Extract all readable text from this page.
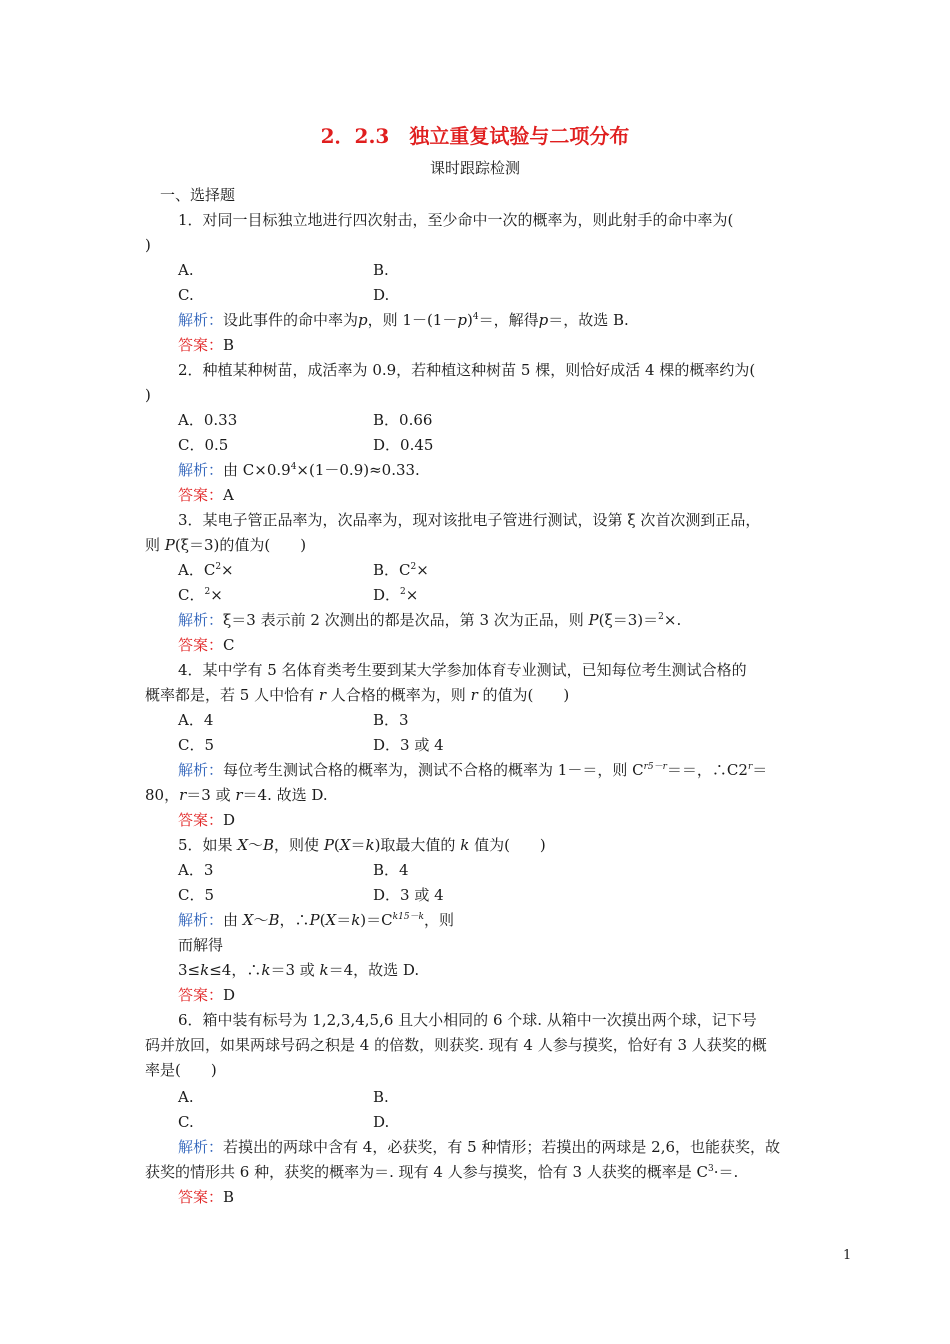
2．2.3　独立重复试验与二项分布
课时跟踪检测
一、选择题
1．对同一目标独立地进行四次射击，至少命中一次的概率为，则此射手的命中率为(
)
A.	B.
C.	D.
解析：设此事件的命中率为p，则 $1-(1-p)^4=$，解得p＝，故选 B.
答案：B
2．种植某种树苗，成活率为 0.9，若种植这种树苗 5 棵，则恰好成活 4 棵的概率约为(
)
A．0.33	B．0.66
C．0.5	D．0.45
解析：由 $C\times 0.9^4\times(1-0.9)\approx 0.33$.
答案：A
3．某电子管正品率为，次品率为，现对该批电子管进行测试，设第 ξ 次首次测到正品，
则 P(ξ＝3)的值为(　　)
A．$C^2\times$	B．$C^2\times$
C．$^2$×	D．$^2$×
解析：ξ＝3 表示前 2 次测出的都是次品，第 3 次为正品，则 P(ξ＝3)＝$^2$×.
答案：C
4．某中学有 5 名体育类考生要到某大学参加体育专业测试，已知每位考生测试合格的
概率都是，若 5 人中恰有 r 人合格的概率为，则 r 的值为(　　)
A．4	B．3
C．5	D．3 或 4
解析：每位考生测试合格的概率为，测试不合格的概率为 1－＝，则 $C^{r5-r}==$，$\therefore C2^r=$
80，r＝3 或 r＝4. 故选 D.
答案：D
5．如果 X～B，则使 P(X＝k)取最大值的 k 值为(　　)
A．3	B．4
C．5	D．3 或 4
解析：由 X～B，$\therefore P(X=k)=C^{k15-k}$，则
而解得
3≤k≤4，∴k＝3 或 k＝4，故选 D.
答案：D
6．箱中装有标号为 1,2,3,4,5,6 且大小相同的 6 个球. 从箱中一次摸出两个球，记下号
码并放回，如果两球号码之积是 4 的倍数，则获奖. 现有 4 人参与摸奖，恰好有 3 人获奖的概
率是(　　)
A.	B.
C.	D.
解析：若摸出的两球中含有 4，必获奖，有 5 种情形；若摸出的两球是 2,6，也能获奖，故
获奖的情形共 6 种，获奖的概率为＝. 现有 4 人参与摸奖，恰有 3 人获奖的概率是 $C^3\cdot=$.
答案：B
1
